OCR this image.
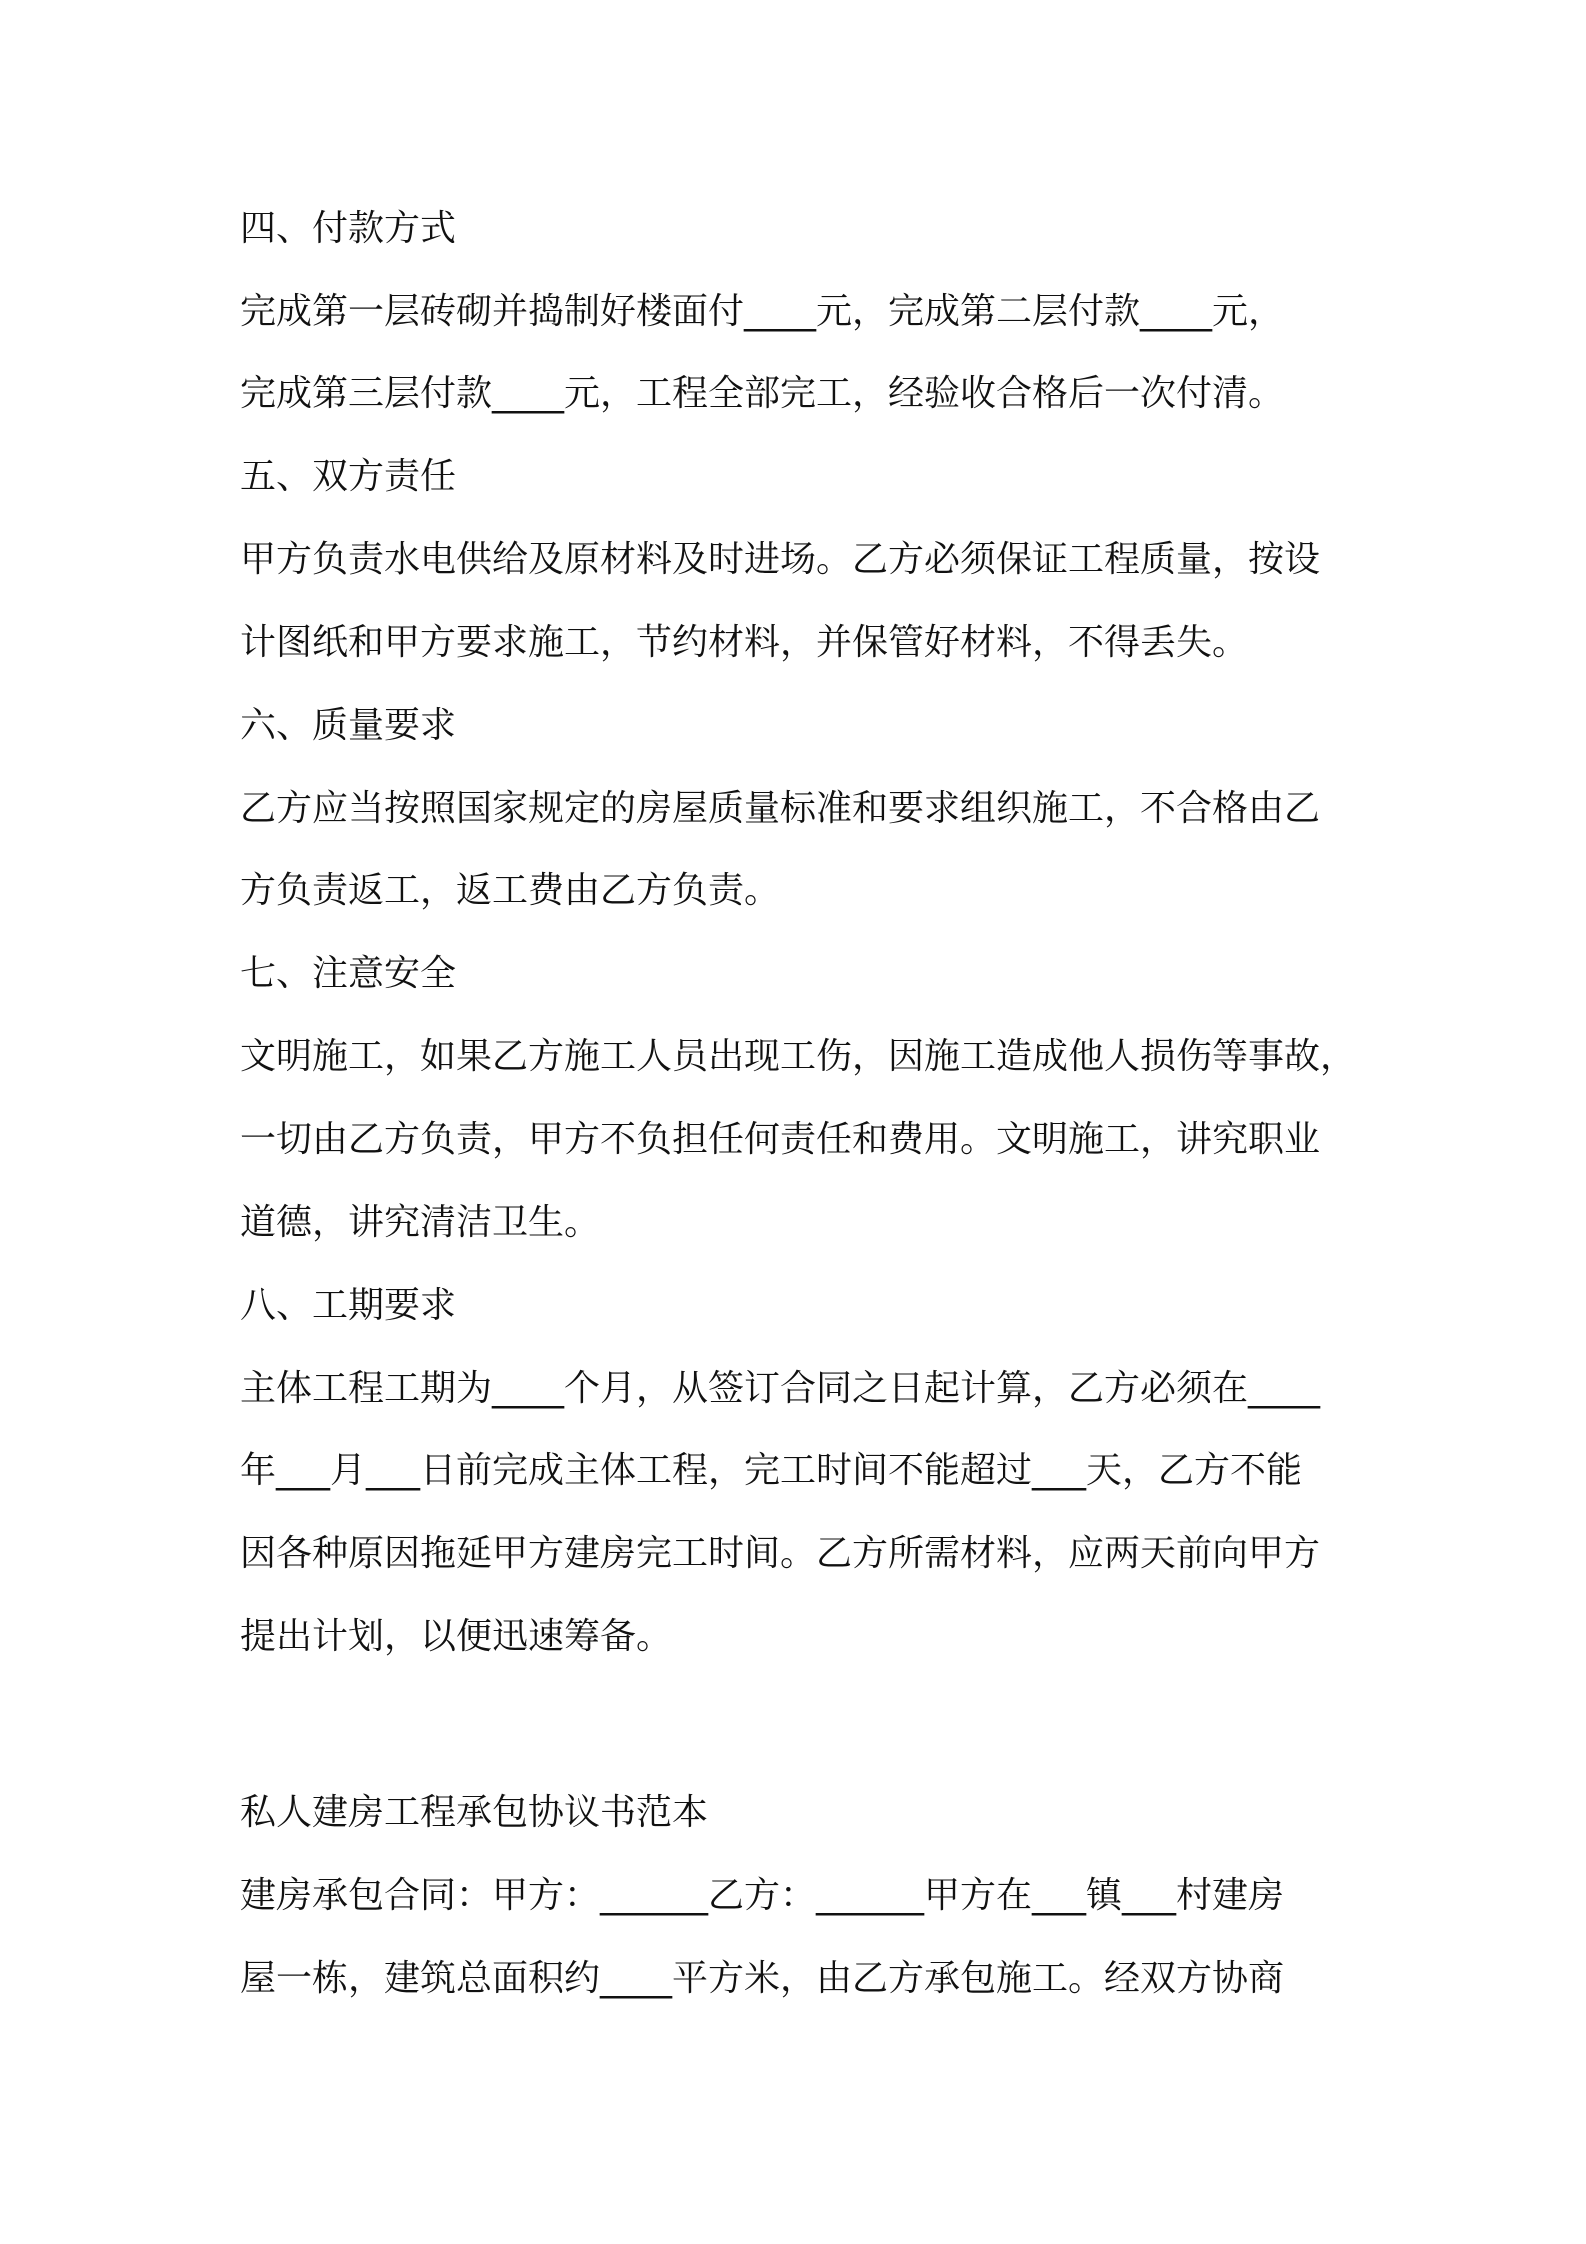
四、付款方式
完成第一层砖砌并捣制好楼面付____元，完成第二层付款____元，
完成第三层付款____元，工程全部完工，经验收合格后一次付清。
五、双方责任
甲方负责水电供给及原材料及时进场。乙方必须保证工程质量，按设
计图纸和甲方要求施工，节约材料，并保管好材料，不得丢失。
六、质量要求
乙方应当按照国家规定的房屋质量标准和要求组织施工，不合格由乙
方负责返工，返工费由乙方负责。
七、注意安全
文明施工，如果乙方施工人员出现工伤，因施工造成他人损伤等事故，
一切由乙方负责，甲方不负担任何责任和费用。文明施工，讲究职业
道德，讲究清洁卫生。
八、工期要求
主体工程工期为____个月，从签订合同之日起计算，乙方必须在____
年___月___日前完成主体工程，完工时间不能超过___天，乙方不能
因各种原因拖延甲方建房完工时间。乙方所需材料，应两天前向甲方
提出计划，以便迅速筹备。
私人建房工程承包协议书范本
建房承包合同：甲方：______乙方：______甲方在___镇___村建房
屋一栋，建筑总面积约____平方米，由乙方承包施工。经双方协商
